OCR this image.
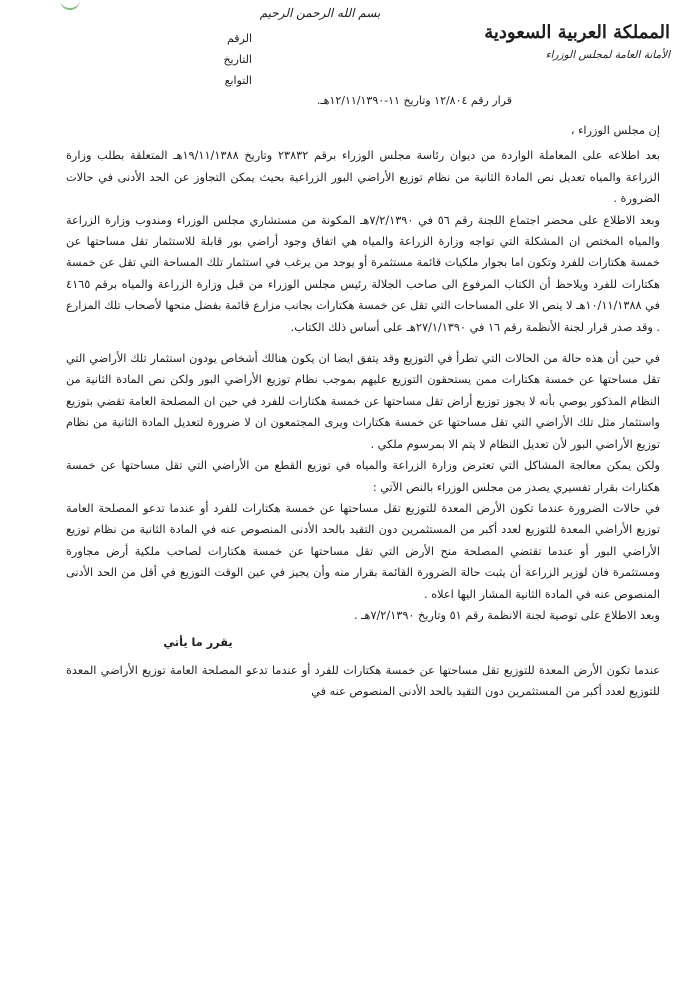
بسم الله الرحمن الرحيم
المملكة العربية السعودية
الأمانة العامة لمجلس الوزراء
الرقم
التاريخ
التوابع
قرار رقم ١٢/٨٠٤ وتاريخ ١١-١٢/١١/١٣٩٠هـ.

إن مجلس الوزراء ،

بعد اطلاعه على المعاملة الواردة من ديوان رئاسة مجلس الوزراء برقم ٢٣٨٣٢ وتاريخ ١٩/١١/١٣٨٨هـ المتعلقة بطلب وزارة الزراعة والمياه تعديل نص المادة الثانية من نظام توزيع الأراضي البور الزراعية بحيث يمكن التجاوز عن الحد الأدنى في حالات الضرورة .

وبعد الاطلاع على محضر اجتماع اللجنة رقم ٥٦ في ٧/٢/١٣٩٠هـ المكونة من مستشاري مجلس الوزراء ومندوب وزارة الزراعة والمياه المختص ان المشكلة التي تواجه وزارة الزراعة والمياه هي اتفاق وجود أراضي بور قابلة للاستثمار تقل مساحتها عن خمسة هكتارات للفرد وتكون اما بجوار ملكيات قائمة مستثمرة أو يوجد من يرغب في استثمار تلك المساحة التي تقل عن خمسة هكتارات للفرد ويلاحظ أن الكتاب المرفوع الى صاحب الجلالة رئيس مجلس الوزراء من قبل وزارة الزراعة والمياه برقم ٤١٦٥ في ١٠/١١/١٣٨٨هـ لا ينص الا على المساحات التي تقل عن خمسة هكتارات بجانب مزارع قائمة بفضل منحها لأصحاب تلك المزارع . وقد صدر قرار لجنة الأنظمة رقم ١٦ في ٢٧/١/١٣٩٠هـ على أساس ذلك الكتاب.

في حين أن هذه حالة من الحالات التي تطرأ في التوزيع وقد يتفق ايضا ان يكون هنالك أشخاص يودون استثمار تلك الأراضي التي تقل مساحتها عن خمسة هكتارات ممن يستحقون التوزيع عليهم بموجب نظام توزيع الأراضي البور ولكن نص المادة الثانية من النظام المذكور يوصي بأنه لا يجوز توزيع أراض تقل مساحتها عن خمسة هكتارات للفرد في حين ان المصلحة العامة تقضي بتوزيع واستثمار مثل تلك الأراضي التي تقل مساحتها عن خمسة هكتارات ويرى المجتمعون ان لا ضرورة لتعديل المادة الثانية من نظام توزيع الأراضي البور لأن تعديل النظام لا يتم الا بمرسوم ملكي .

ولكن يمكن معالجة المشاكل التي تعترض وزارة الزراعة والمياه في توزيع القطع من الأراضي التي تقل مساحتها عن خمسة هكتارات بقرار تفسيري يصدر من مجلس الوزراء بالنص الآتي :

في حالات الضرورة عندما تكون الأرض المعدة للتوزيع تقل مساحتها عن خمسة هكتارات للفرد أو عندما تدعو المصلحة العامة توزيع الأراضي المعدة للتوزيع لعدد أكبر من المستثمرين دون التقيد بالحد الأدنى المنصوص عنه في المادة الثانية من نظام توزيع الأراضي البور أو عندما تقتضي المصلحة منح الأرض التي تقل مساحتها عن خمسة هكتارات لصاحب ملكية أرض مجاورة ومستثمرة فان لوزير الزراعة أن يثبت حالة الضرورة القائمة بقرار منه وأن يجيز في عين الوقت التوزيع في أقل من الحد الأدنى المنصوص عنه في المادة الثانية المشار اليها اعلاه .

وبعد الاطلاع على توصية لجنة الانظمة رقم ٥١ وتاريخ ٧/٢/١٣٩٠هـ .

يقرر ما يأتي

عندما تكون الأرض المعدة للتوزيع تقل مساحتها عن خمسة هكتارات للفرد أو عندما تدعو المصلحة العامة توزيع الأراضي المعدة للتوزيع لعدد أكبر من المستثمرين دون التقيد بالحد الأدنى المنصوص عنه في
